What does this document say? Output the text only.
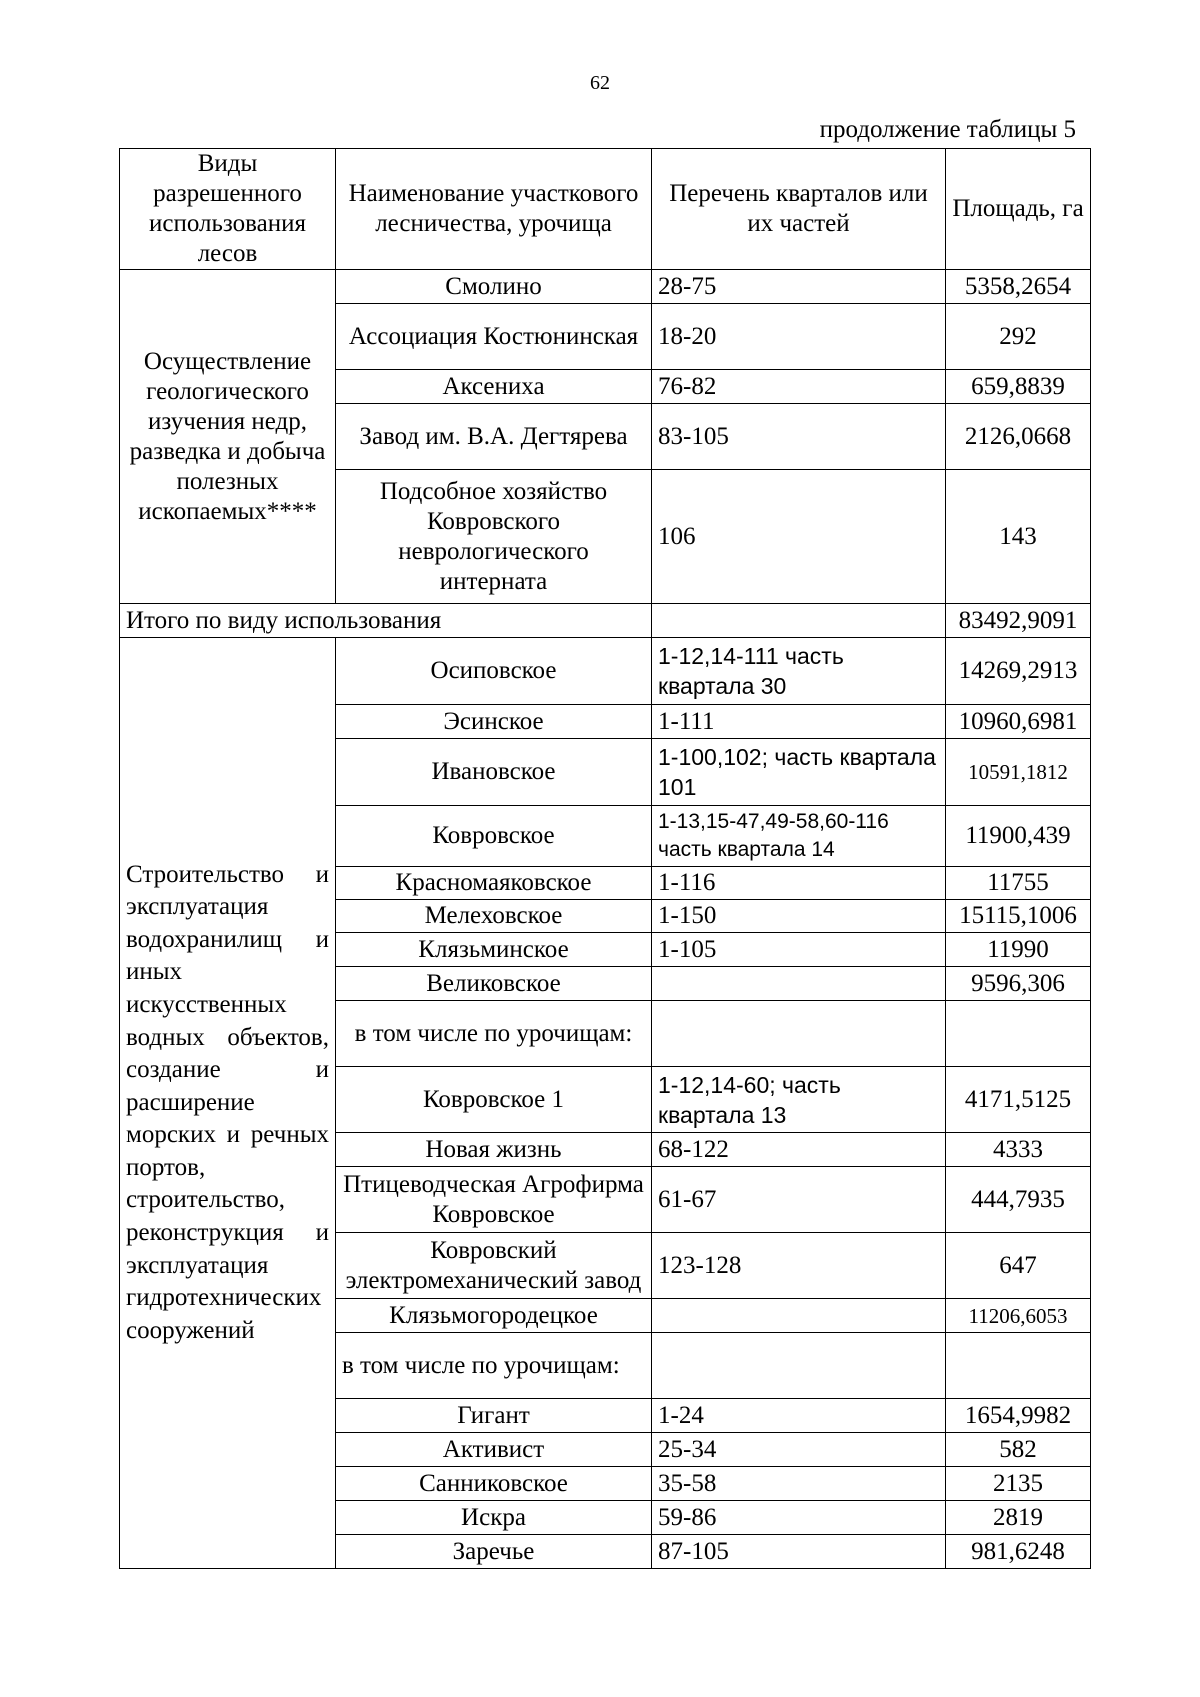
62
продолжение таблицы 5
Виды разрешенного использования лесов	Наименование участкового лесничества, урочища	Перечень кварталов или их частей	Площадь, га
Осуществление геологического изучения недр, разведка и добыча полезных ископаемых****	Смолино	28-75	5358,2654
	Ассоциация Костюнинская	18-20	292
	Аксениха	76-82	659,8839
	Завод им. В.А. Дегтярева	83-105	2126,0668
	Подсобное хозяйство Ковровского неврологического интерната	106	143
Итого по виду использования			83492,9091
Строительство и эксплуатация водохранилищ и иных искусственных водных объектов, создание и расширение морских и речных портов, строительство, реконструкция и эксплуатация гидротехнических сооружений	Осиповское	1-12,14-111 часть квартала 30	14269,2913
	Эсинское	1-111	10960,6981
	Ивановское	1-100,102; часть квартала 101	10591,1812
	Ковровское	1-13,15-47,49-58,60-116 часть квартала 14	11900,439
	Красномаяковское	1-116	11755
	Мелеховское	1-150	15115,1006
	Клязьминское	1-105	11990
	Великовское		9596,306
	в том числе по урочищам:		
	Ковровское 1	1-12,14-60; часть квартала 13	4171,5125
	Новая жизнь	68-122	4333
	Птицеводческая Агрофирма Ковровское	61-67	444,7935
	Ковровский электромеханический завод	123-128	647
	Клязьмогородецкое		11206,6053
	в том числе по урочищам:		
	Гигант	1-24	1654,9982
	Активист	25-34	582
	Санниковское	35-58	2135
	Искра	59-86	2819
	Заречье	87-105	981,6248
